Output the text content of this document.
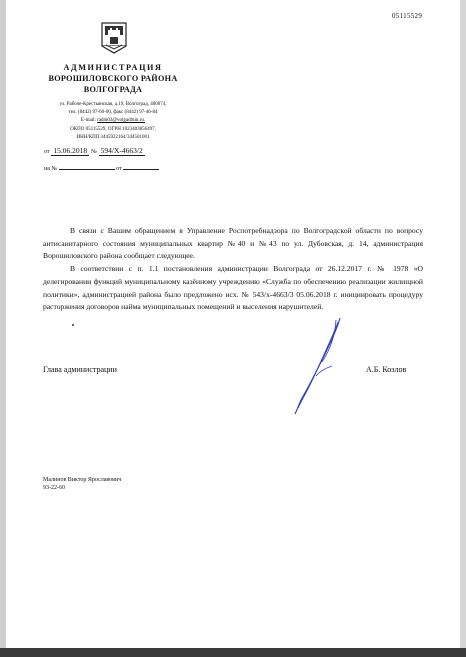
05115529
АДМИНИСТРАЦИЯ
ВОРОШИЛОВСКОГО РАЙОНА
ВОЛГОГРАДА
ул. Рабоче-Крестьянская, д.19, Волгоград, 400074,
тел. (8442) 97-60-00, факс (8442) 97-46-84
E-mail: radm03@volgadmin.ru.
ОКПО 05115529, ОГРН 1023403856497,
ИНН/КПП 3445922164/344501001
от 15.06.2018 № 594/Х-4663/2
на №	от

В связи с Вашим обращением в Управление Роспотребнадзора по Волгоградской области по вопросу антисанитарного состояния муниципальных квартир №40 и №43 по ул. Дубовская, д. 14, администрация Ворошиловского района сообщает следующее.

В соответствии с п. 1.1 постановления администрации Волгограда от 26.12.2017 г. № 1978 «О делегировании функций муниципальному казённому учреждению «Служба по обеспечению реализации жилищной политики», администрацией района было предложено исх. № 543/х-4663/3 05.06.2018 г. инициировать процедуру расторжения договоров найма муниципальных помещений и выселения нарушителей.

Глава администрации	А.Б. Козлов
Малинов Виктор Ярославович
93-22-60
